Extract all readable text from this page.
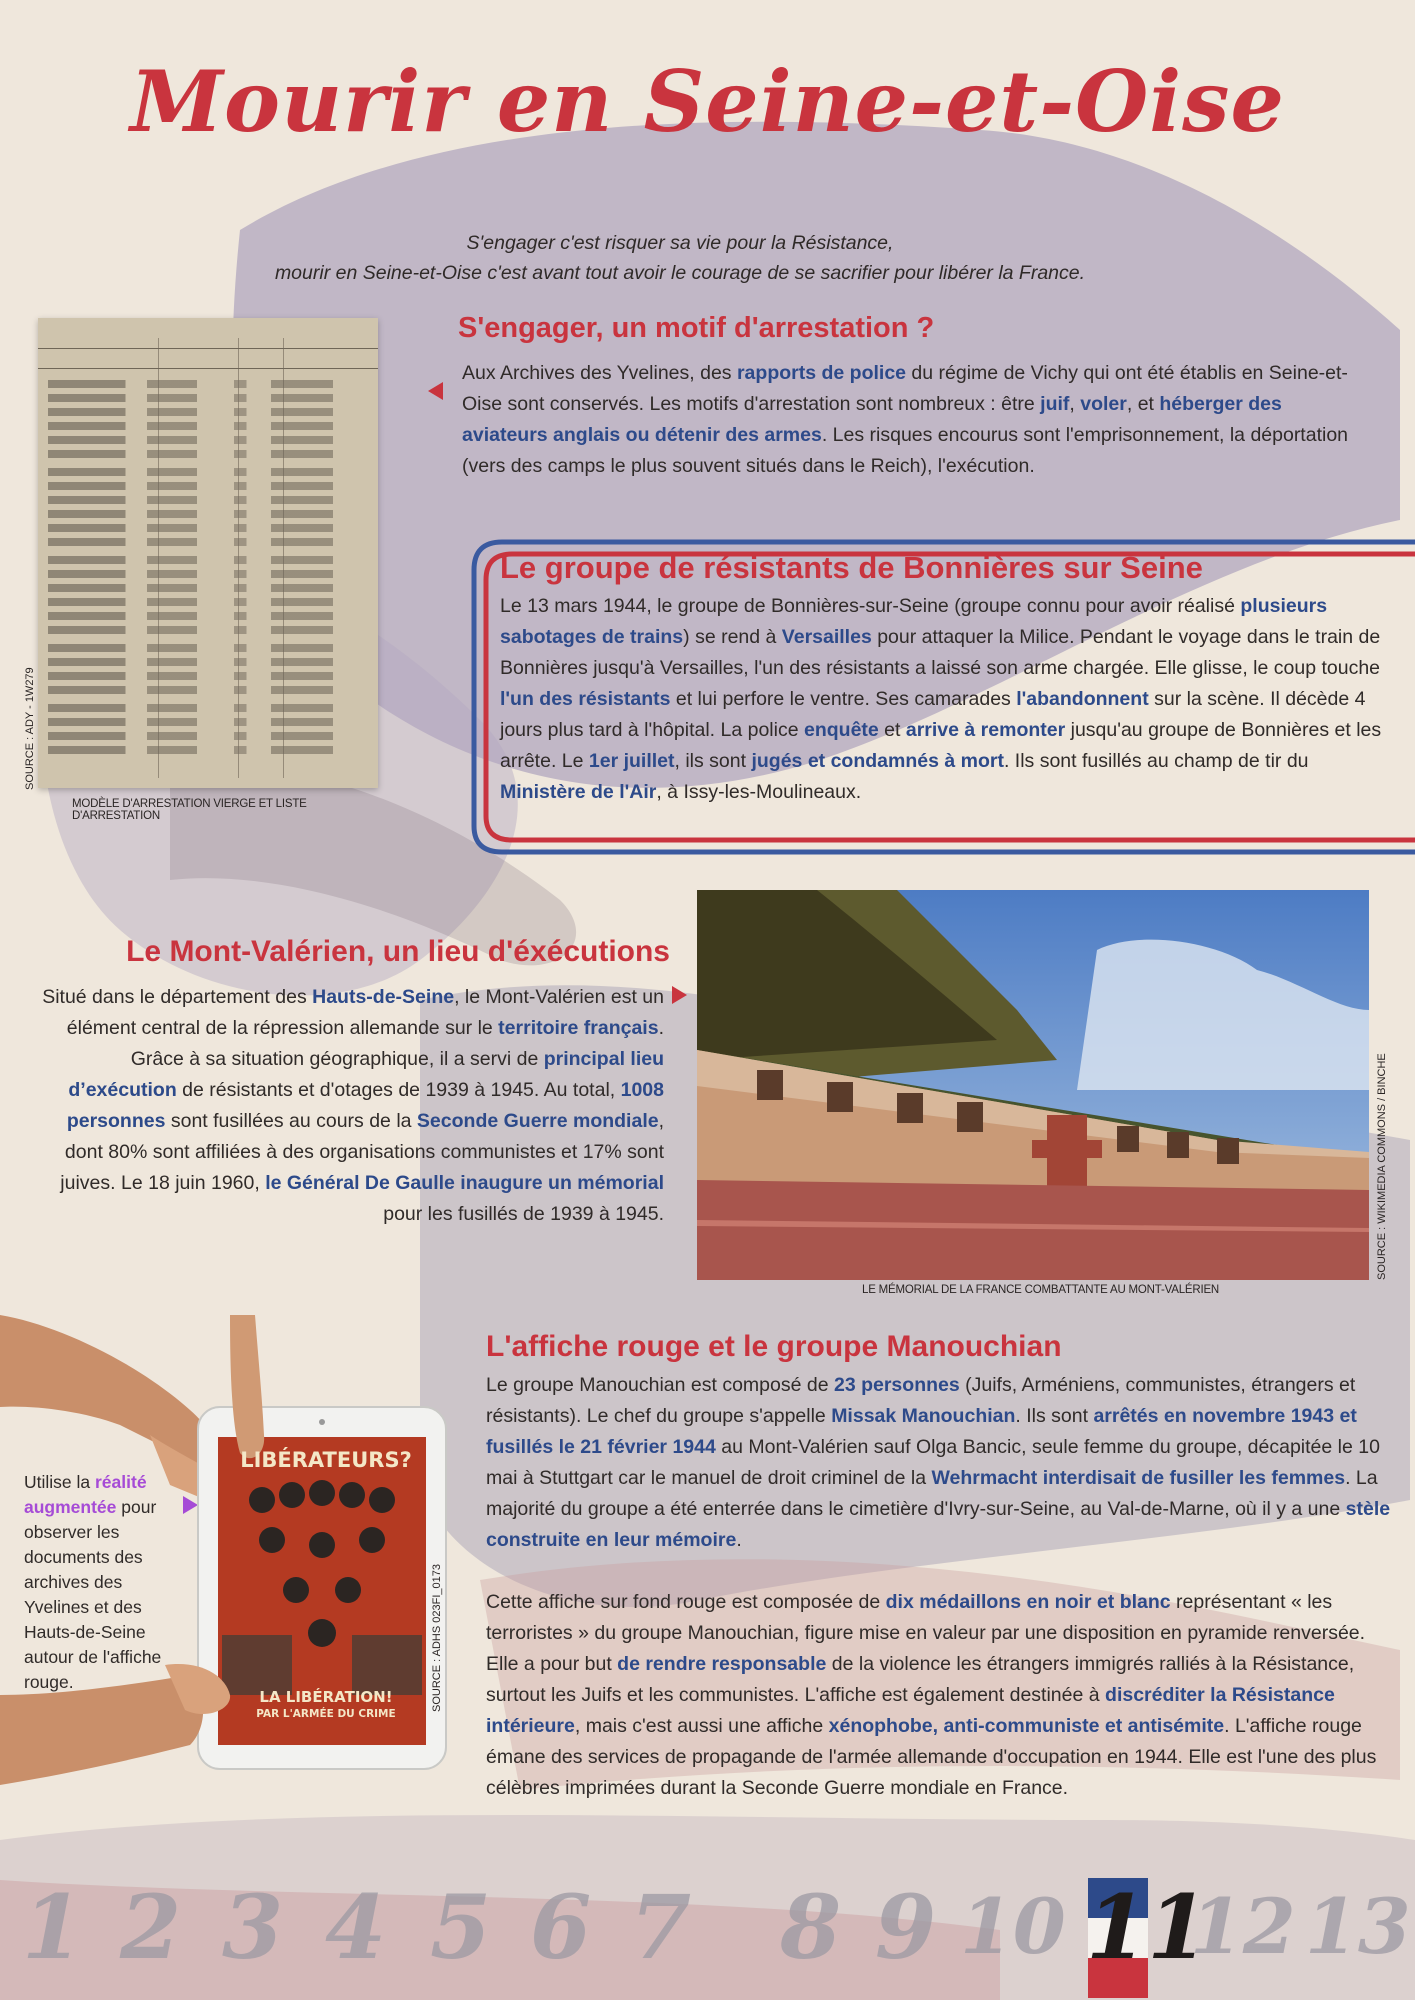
Mourir en Seine-et-Oise
S'engager c'est risquer sa vie pour la Résistance,
mourir en Seine-et-Oise c'est avant tout avoir le courage de se sacrifier pour libérer la France.
SOURCE : ADY - 1W279
MODÈLE D'ARRESTATION VIERGE ET LISTE D'ARRESTATION
S'engager, un motif d'arrestation ?
Aux Archives des Yvelines, des rapports de police du régime de Vichy qui ont été établis en Seine-et-Oise sont conservés. Les motifs d'arrestation sont nombreux : être juif, voler, et héberger des aviateurs anglais ou détenir des armes. Les risques encourus sont l'emprisonnement, la déportation (vers des camps le plus souvent situés dans le Reich), l'exécution.
Le groupe de résistants de Bonnières sur Seine
Le 13 mars 1944, le groupe de Bonnières-sur-Seine (groupe connu pour avoir réalisé plusieurs sabotages de trains) se rend à Versailles pour attaquer la Milice. Pendant le voyage dans le train de Bonnières jusqu'à Versailles, l'un des résistants a laissé son arme chargée. Elle glisse, le coup touche l'un des résistants et lui perfore le ventre. Ses camarades l'abandonnent sur la scène. Il décède 4 jours plus tard à l'hôpital. La police enquête et arrive à remonter jusqu'au groupe de Bonnières et les arrête. Le 1er juillet, ils sont jugés et condamnés à mort. Ils sont fusillés au champ de tir du Ministère de l'Air, à Issy-les-Moulineaux.
Le Mont-Valérien, un lieu d'éxécutions
Situé dans le département des Hauts-de-Seine, le Mont-Valérien est un élément central de la répression allemande sur le territoire français. Grâce à sa situation géographique, il a servi de principal lieu d’exécution de résistants et d'otages de 1939 à 1945. Au total, 1008 personnes sont fusillées au cours de la Seconde Guerre mondiale, dont 80% sont affiliées à des organisations communistes et 17% sont juives. Le 18 juin 1960, le Général De Gaulle inaugure un mémorial pour les fusillés de 1939 à 1945.	SOURCE : WIKIMEDIA COMMONS / BINCHE
LE MÉMORIAL DE LA FRANCE COMBATTANTE AU MONT-VALÉRIEN
L'affiche rouge et le groupe Manouchian
Le groupe Manouchian est composé de 23 personnes (Juifs, Arméniens, communistes, étrangers et résistants). Le chef du groupe s'appelle Missak Manouchian. Ils sont arrêtés en novembre 1943 et fusillés le 21 février 1944 au Mont-Valérien sauf Olga Bancic, seule femme du groupe, décapitée le 10 mai à Stuttgart car le manuel de droit criminel de la Wehrmacht interdisait de fusiller les femmes. La majorité du groupe a été enterrée dans le cimetière d'Ivry-sur-Seine, au Val-de-Marne, où il y a une stèle construite en leur mémoire.
Cette affiche sur fond rouge est composée de dix médaillons en noir et blanc représentant « les terroristes » du groupe Manouchian, figure mise en valeur par une disposition en pyramide renversée. Elle a pour but de rendre responsable de la violence les étrangers immigrés ralliés à la Résistance, surtout les Juifs et les communistes. L'affiche est également destinée à discréditer la Résistance intérieure, mais c'est aussi une affiche xénophobe, anti-communiste et antisémite. L'affiche rouge émane des services de propagande de l'armée allemande d'occupation en 1944. Elle est l'une des plus célèbres imprimées durant la Seconde Guerre mondiale en France.
Utilise la réalité augmentée pour observer les documents des archives des Yvelines et des Hauts-de-Seine autour de l'affiche rouge.
LIBÉRATEURS?
LA LIBÉRATION!
PAR L'ARMÉE DU CRIME
SOURCE : ADHS 023FI_0173
1 2 3 4 5 6 7 8 9 10 11
12 13
